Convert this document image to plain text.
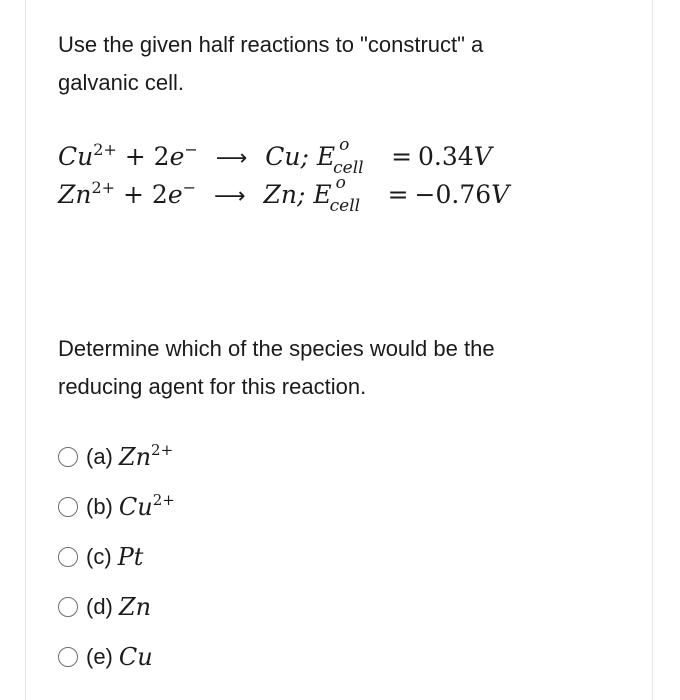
Use the given half reactions to "construct" a
galvanic cell.

$Cu^{2+} + 2e^-$ ⟶ Cu; E o
cell = 0.34V
$Zn^{2+} + 2e^-$ ⟶ Zn; E o
cell = −0.76V

Determine which of the species would be the
reducing agent for this reaction.

(a) $Zn^{2+}$
(b) $Cu^{2+}$
(c) Pt
(d) Zn
(e) Cu
